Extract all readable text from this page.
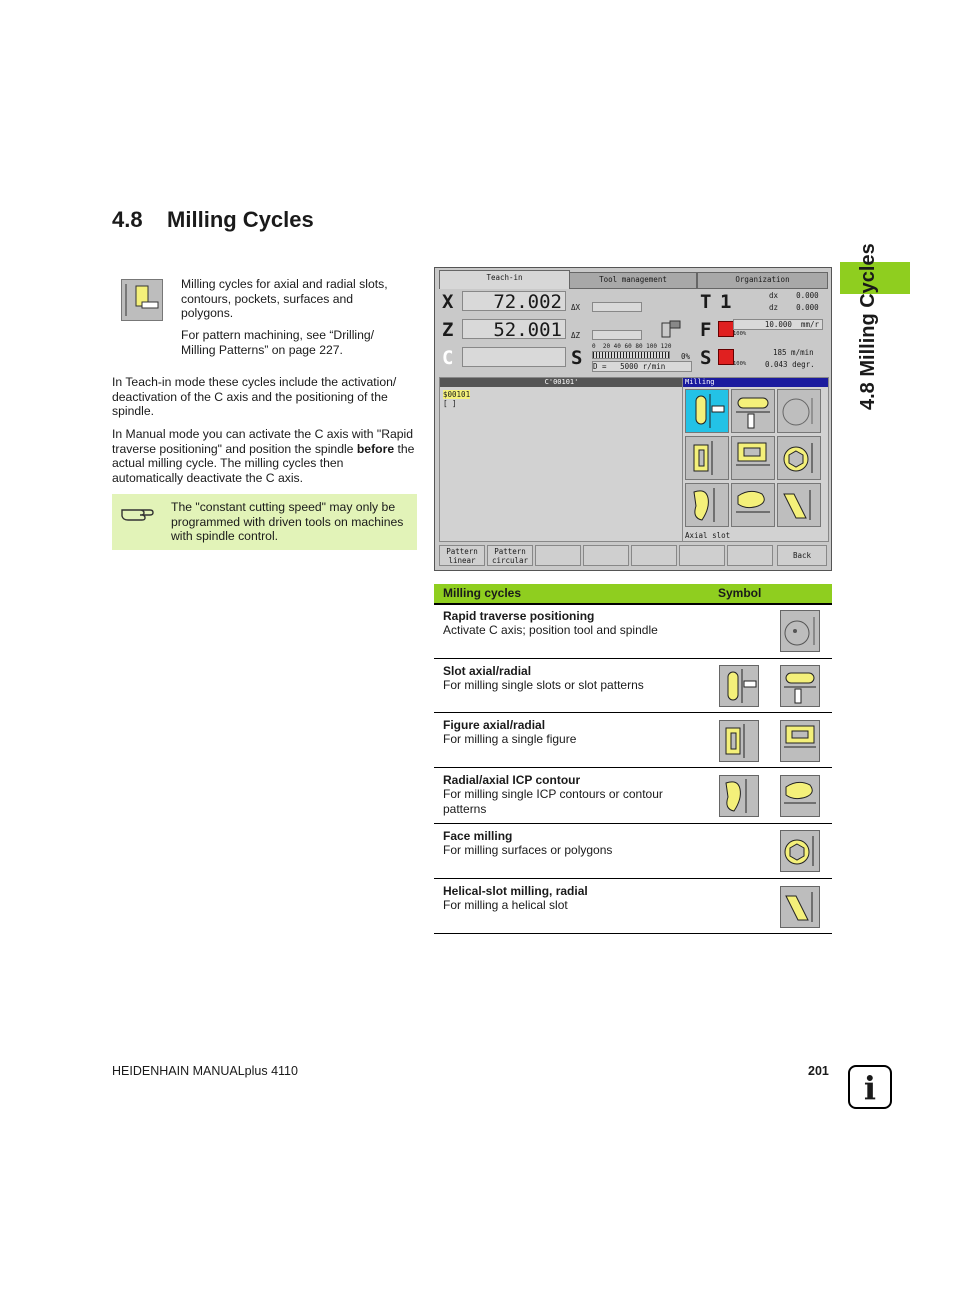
4.8 Milling Cycles
4.8 Milling Cycles
Milling cycles for axial and radial slots, contours, pockets, surfaces and polygons.
For pattern machining, see “Drilling/ Milling Patterns” on page 227.
In Teach-in mode these cycles include the activation/ deactivation of the C axis and the positioning of the spindle.
In Manual mode you can activate the C axis with "Rapid traverse positioning" and position the spindle before the actual milling cycle. The milling cycles then automatically deactivate the C axis.
The "constant cutting speed" may only be programmed with driven tools on machines with spindle control.
Teach-in	Tool management	Organization
X	72.002	ΔX
Z	52.001	ΔZ
C	S
0  20 40 60 80 100 120
0%
D =   5000 r/min
T 1	dx    0.000
dz    0.000
F	100%
10.000  mm/r
S	100%
185 m/min
0.043 degr.
C'00101'
$00101
[ ]
Milling
Axial slot
Pattern linear
Pattern circular
Back
Milling cycles	Symbol
Rapid traverse positioning
Activate C axis; position tool and spindle
Slot axial/radial
For milling single slots or slot patterns
Figure axial/radial
For milling a single figure
Radial/axial ICP contour
For milling single ICP contours or contour patterns
Face milling
For milling surfaces or polygons
Helical-slot milling, radial
For milling a helical slot
HEIDENHAIN MANUALplus 4110	201	i
